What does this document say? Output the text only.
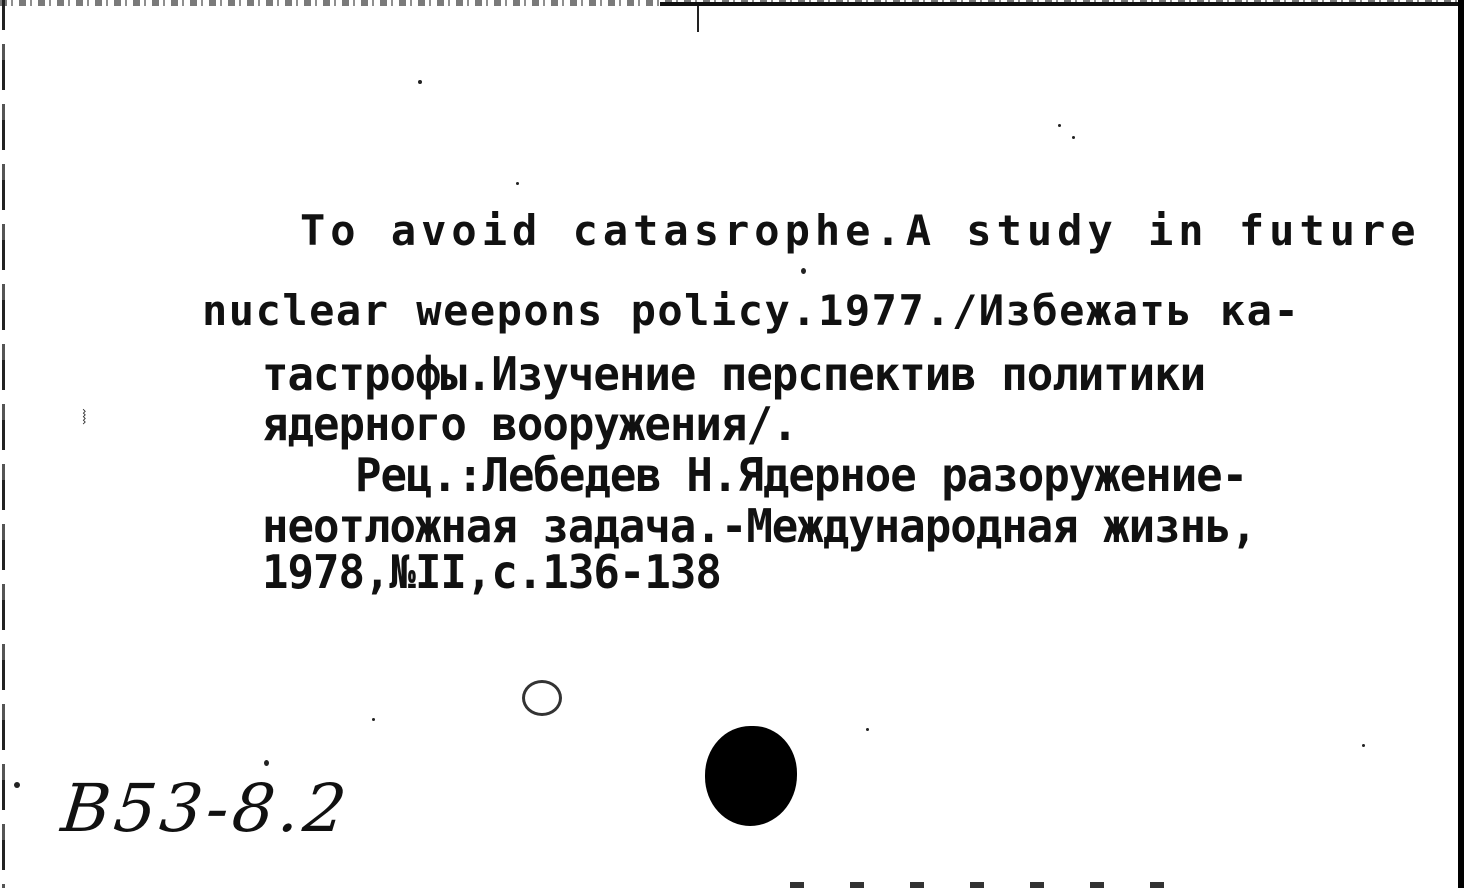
To avoid catasrophe.A study in future
nuclear weepons policy.1977./Избежать ка-
тастрофы.Изучение перспектив политики
ядерного вооружения/.
Рец.:Лебедев Н.Ядерное разоружение-
неотложная задача.-Международная жизнь,
1978,№II,с.136-138
В53-8.2
⧘
